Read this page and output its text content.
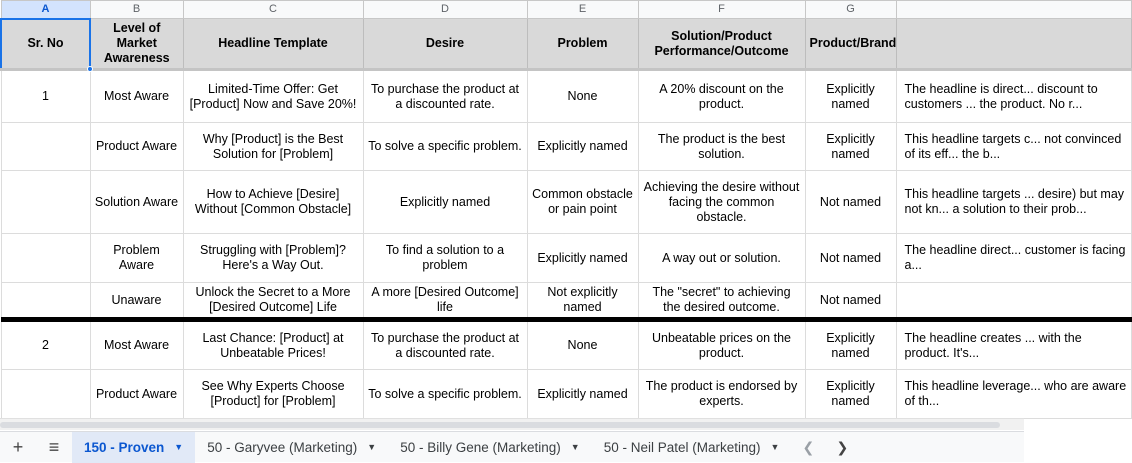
A	B	C	D	E	F	G	
Sr. No	Level of Market Awareness	Headline Template	Desire	Problem	Solution/Product Performance/Outcome	Product/Brand	
1	Most Aware	Limited-Time Offer: Get [Product] Now and Save 20%!	To purchase the product at a discounted rate.	None	A 20% discount on the product.	Explicitly named	The headline is direct... discount to customers ... the product. No r...
	Product Aware	Why [Product] is the Best Solution for [Problem]	To solve a specific problem.	Explicitly named	The product is the best solution.	Explicitly named	This headline targets c... not convinced of its eff... the b...
	Solution Aware	How to Achieve [Desire] Without [Common Obstacle]	Explicitly named	Common obstacle or pain point	Achieving the desire without facing the common obstacle.	Not named	This headline targets ... desire) but may not kn... a solution to their prob...
	Problem Aware	Struggling with [Problem]? Here's a Way Out.	To find a solution to a problem	Explicitly named	A way out or solution.	Not named	The headline direct... customer is facing a...
	Unaware	Unlock the Secret to a More [Desired Outcome] Life	A more [Desired Outcome] life	Not explicitly named	The "secret" to achieving the desired outcome.	Not named	
2	Most Aware	Last Chance: [Product] at Unbeatable Prices!	To purchase the product at a discounted rate.	None	Unbeatable prices on the product.	Explicitly named	The headline creates ... with the product. It's...
	Product Aware	See Why Experts Choose [Product] for [Problem]	To solve a specific problem.	Explicitly named	The product is endorsed by experts.	Explicitly named	This headline leverage... who are aware of th...
+	≡	150 - Proven ▼ 50 - Garyvee (Marketing) ▼ 50 - Billy Gene (Marketing) ▼ 50 - Neil Patel (Marketing) ▼	❮	❯
